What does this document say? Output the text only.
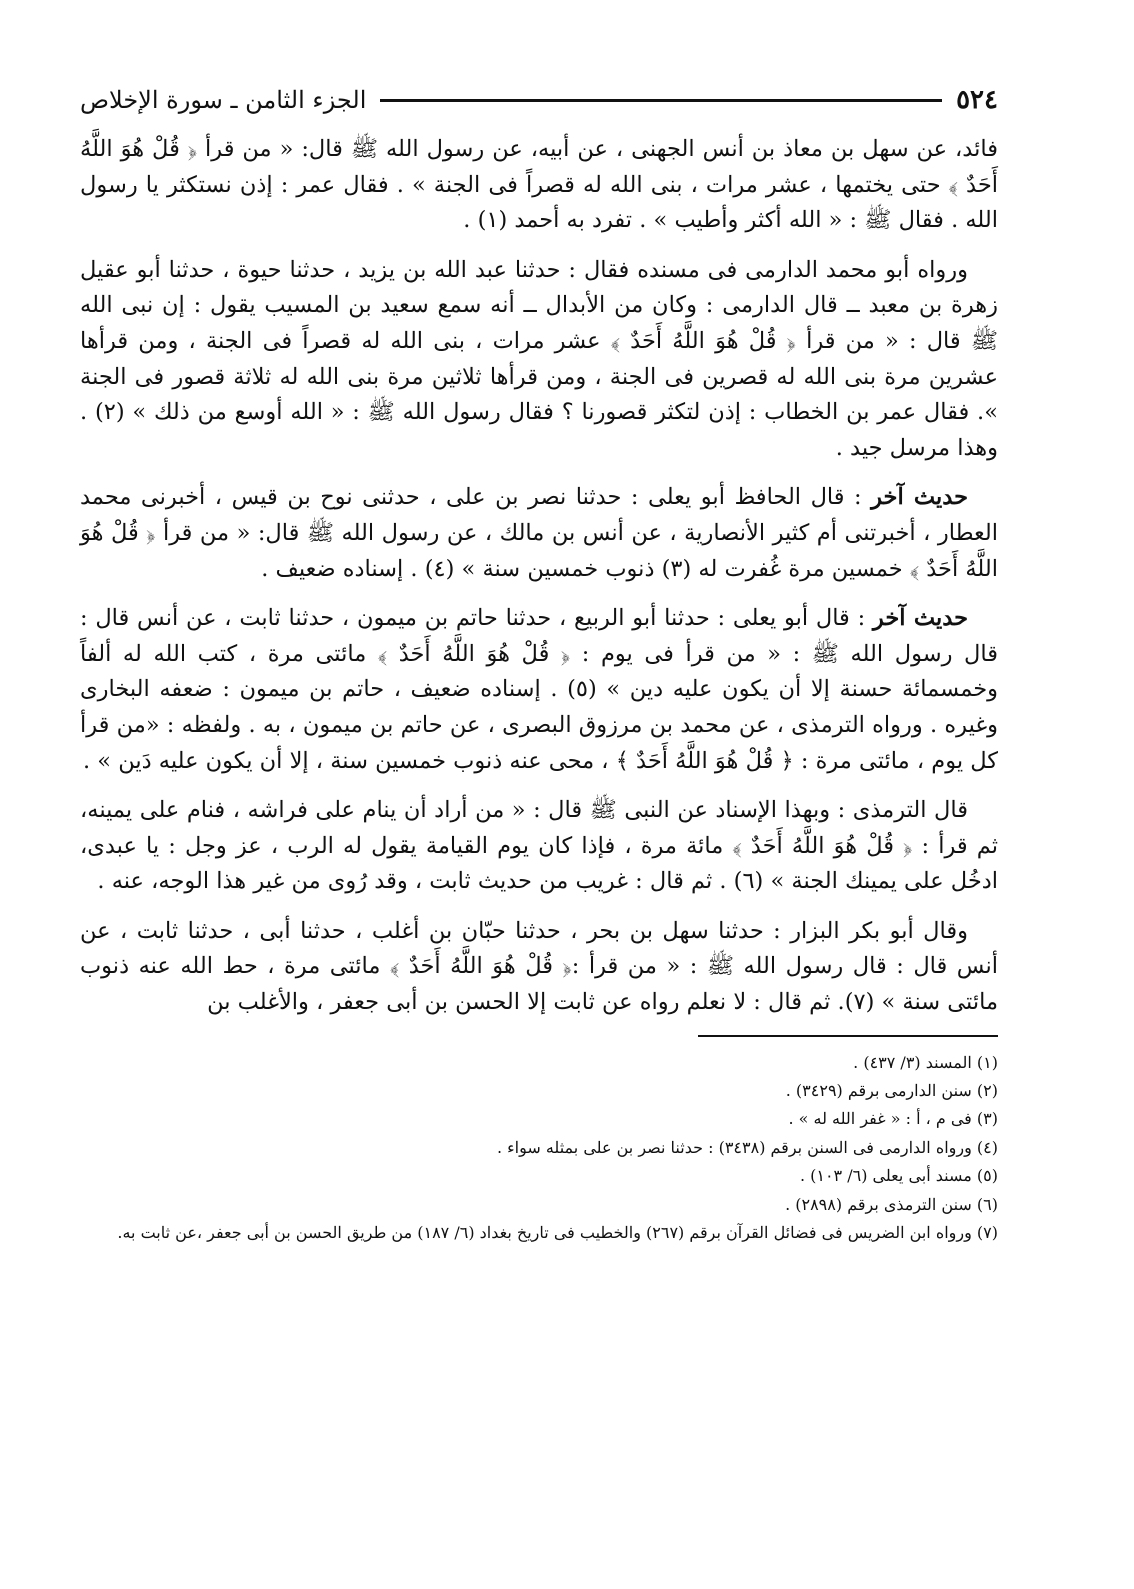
٥٢٤
الجزء الثامن ـ سورة الإخلاص

فائد، عن سهل بن معاذ بن أنس الجهنى ، عن أبيه، عن رسول الله ﷺ قال: « من قرأ ﴿ قُلْ هُوَ اللَّهُ أَحَدٌ ﴾ حتى يختمها ، عشر مرات ، بنى الله له قصراً فى الجنة » . فقال عمر : إذن نستكثر يا رسول الله . فقال ﷺ : « الله أكثر وأطيب » . تفرد به أحمد (١) .

ورواه أبو محمد الدارمى فى مسنده فقال : حدثنا عبد الله بن يزيد ، حدثنا حيوة ، حدثنا أبو عقيل زهرة بن معبد ــ قال الدارمى : وكان من الأبدال ــ أنه سمع سعيد بن المسيب يقول : إن نبى الله ﷺ قال : « من قرأ ﴿ قُلْ هُوَ اللَّهُ أَحَدٌ ﴾ عشر مرات ، بنى الله له قصراً فى الجنة ، ومن قرأها عشرين مرة بنى الله له قصرين فى الجنة ، ومن قرأها ثلاثين مرة بنى الله له ثلاثة قصور فى الجنة ». فقال عمر بن الخطاب : إذن لتكثر قصورنا ؟ فقال رسول الله ﷺ : « الله أوسع من ذلك » (٢) . وهذا مرسل جيد .

حديث آخر : قال الحافظ أبو يعلى : حدثنا نصر بن على ، حدثنى نوح بن قيس ، أخبرنى محمد العطار ، أخبرتنى أم كثير الأنصارية ، عن أنس بن مالك ، عن رسول الله ﷺ قال: « من قرأ ﴿ قُلْ هُوَ اللَّهُ أَحَدٌ ﴾ خمسين مرة غُفرت له (٣) ذنوب خمسين سنة » (٤) . إسناده ضعيف .

حديث آخر : قال أبو يعلى : حدثنا أبو الربيع ، حدثنا حاتم بن ميمون ، حدثنا ثابت ، عن أنس قال : قال رسول الله ﷺ : « من قرأ فى يوم : ﴿ قُلْ هُوَ اللَّهُ أَحَدٌ ﴾ مائتى مرة ، كتب الله له ألفاً وخمسمائة حسنة إلا أن يكون عليه دين » (٥) . إسناده ضعيف ، حاتم بن ميمون : ضعفه البخارى وغيره . ورواه الترمذى ، عن محمد بن مرزوق البصرى ، عن حاتم بن ميمون ، به . ولفظه : «من قرأ كل يوم ، مائتى مرة : ﴿ قُلْ هُوَ اللَّهُ أَحَدٌ ﴾ ، محى عنه ذنوب خمسين سنة ، إلا أن يكون عليه دَين » .

قال الترمذى : وبهذا الإسناد عن النبى ﷺ قال : « من أراد أن ينام على فراشه ، فنام على يمينه، ثم قرأ : ﴿ قُلْ هُوَ اللَّهُ أَحَدٌ ﴾ مائة مرة ، فإذا كان يوم القيامة يقول له الرب ، عز وجل : يا عبدى، ادخُل على يمينك الجنة » (٦) . ثم قال : غريب من حديث ثابت ، وقد رُوى من غير هذا الوجه، عنه .

وقال أبو بكر البزار : حدثنا سهل بن بحر ، حدثنا حبّان بن أغلب ، حدثنا أبى ، حدثنا ثابت ، عن أنس قال : قال رسول الله ﷺ : « من قرأ :﴿ قُلْ هُوَ اللَّهُ أَحَدٌ ﴾ مائتى مرة ، حط الله عنه ذنوب مائتى سنة » (٧). ثم قال : لا نعلم رواه عن ثابت إلا الحسن بن أبى جعفر ، والأغلب بن

(١) المسند (٣/ ٤٣٧) .

(٢) سنن الدارمى برقم (٣٤٢٩) .

(٣) فى م ، أ : « غفر الله له » .

(٤) ورواه الدارمى فى السنن برقم (٣٤٣٨) : حدثنا نصر بن على بمثله سواء .

(٥) مسند أبى يعلى (٦/ ١٠٣) .

(٦) سنن الترمذى برقم (٢٨٩٨) .

(٧) ورواه ابن الضريس فى فضائل القرآن برقم (٢٦٧) والخطيب فى تاريخ بغداد (٦/ ١٨٧) من طريق الحسن بن أبى جعفر ،عن ثابت به.
